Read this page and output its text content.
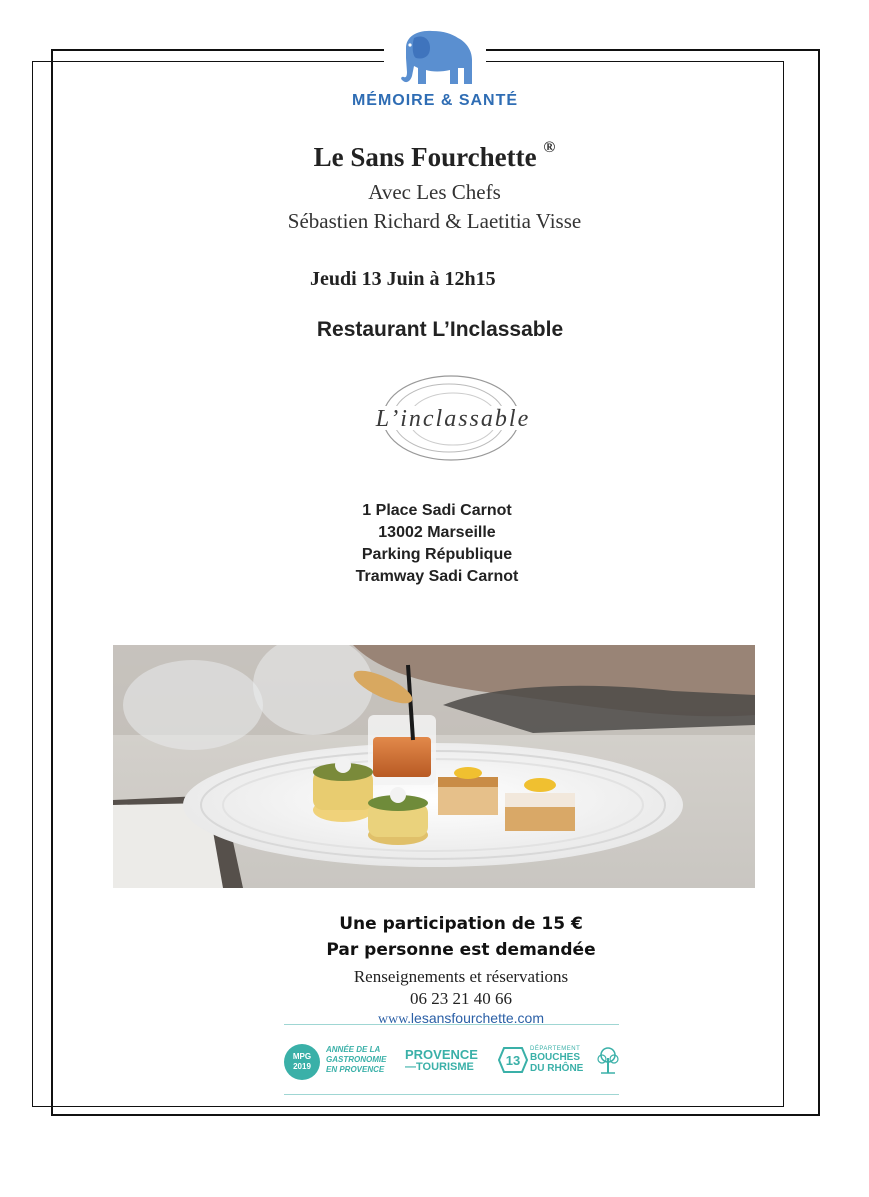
MÉMOIRE & SANTÉ
Le Sans Fourchette ®
Avec Les Chefs
Sébastien Richard & Laetitia Visse
Jeudi 13 Juin à 12h15
Restaurant L’Inclassable
L’inclassable
1 Place Sadi Carnot
13002 Marseille
Parking République
Tramway Sadi Carnot
Une participation de 15 €
Par personne est demandée
Renseignements et réservations
06 23 21 40 66
www.lesansfourchette.com
MPG
2019
ANNÉE DE LA
GASTRONOMIE
EN PROVENCE
PROVENCE
—TOURISME	13
DÉPARTEMENT
BOUCHES
DU RHÔNE
